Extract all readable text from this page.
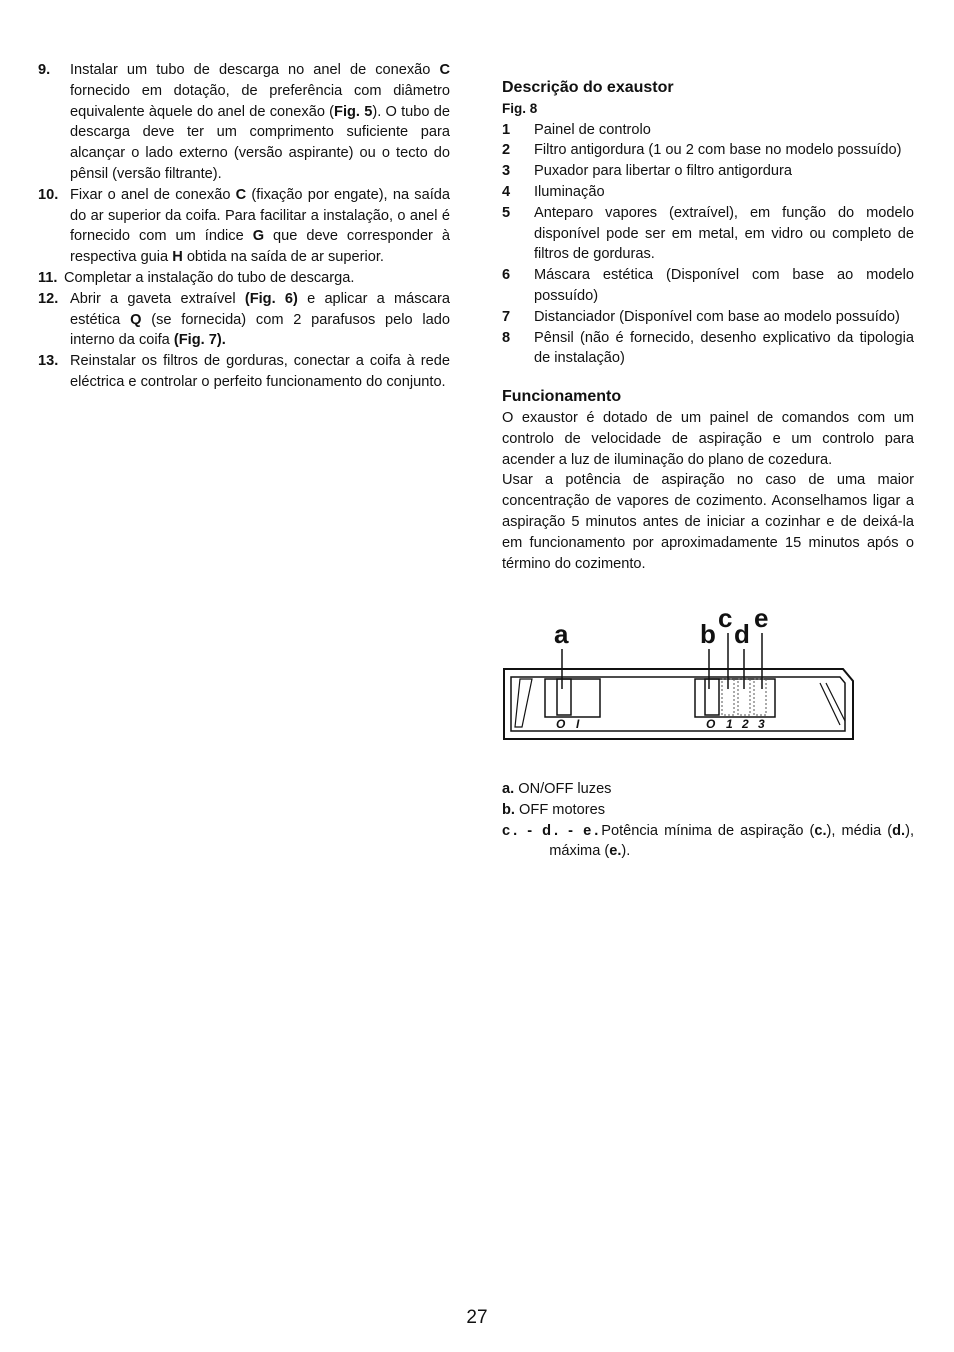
9.	Instalar um tubo de descarga no anel de conexão C fornecido em dotação, de preferência com diâmetro equivalente àquele do anel de conexão (Fig. 5). O tubo de descarga deve ter um comprimento suficiente para alcançar o lado externo (versão aspirante) ou o tecto do pênsil (versão filtrante).
10. Fixar o anel de conexão C (fixação por engate), na saída do ar superior da coifa. Para facilitar a instalação, o anel é fornecido com um índice G que deve corresponder à respectiva guia H obtida na saída de ar superior.
11. Completar a instalação do tubo de descarga.
12. Abrir a gaveta extraível (Fig. 6) e aplicar a máscara estética Q (se fornecida) com 2 parafusos pelo lado interno da coifa (Fig. 7).
13. Reinstalar os filtros de gorduras, conectar a coifa à rede eléctrica e controlar o perfeito funcionamento do conjunto.
Descrição do exaustor
Fig. 8
1	Painel de controlo
2	Filtro antigordura (1 ou 2 com base no modelo possuído)
3	Puxador para libertar o filtro antigordura
4	Iluminação
5	Anteparo vapores (extraível), em função do modelo disponível pode ser em metal, em vidro ou completo de filtros de gorduras.
6	Máscara estética (Disponível com base ao modelo possuído)
7	Distanciador (Disponível com base ao modelo possuído)
8	Pênsil (não é fornecido, desenho explicativo da tipologia de instalação)
Funcionamento
O exaustor é dotado de um painel de comandos com um controlo de velocidade de aspiração e um controlo para acender a luz de iluminação do plano de cozedura.
Usar a potência de aspiração no caso de uma maior concentração de vapores de cozimento. Aconselhamos ligar a aspiração 5 minutos antes de iniciar a cozinhar e de deixá-la em funcionamento por aproximadamente 15 minutos após o término do cozimento.
a	b
c
d
e
O I	O 1 2 3
a. ON/OFF luzes
b. OFF motores
c. - d. - e. Potência mínima de aspiração (c.), média (d.), máxima (e.).
27
